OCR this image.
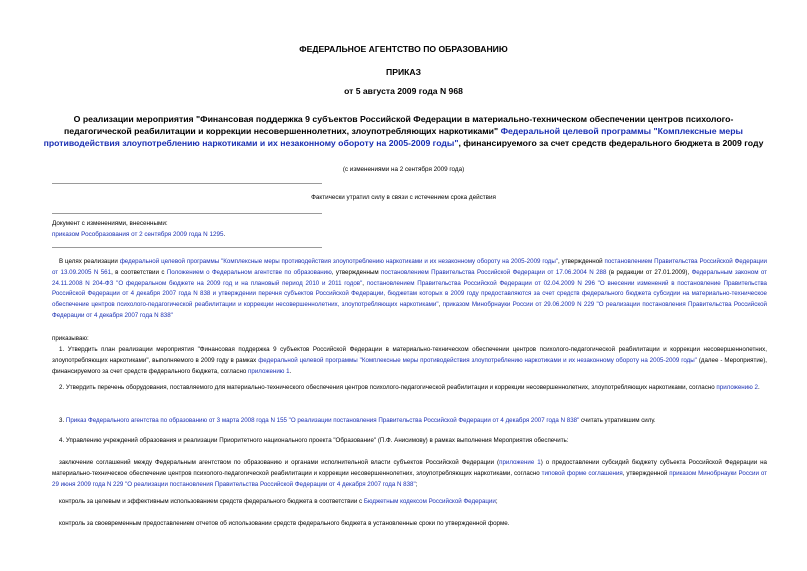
ФЕДЕРАЛЬНОЕ АГЕНТСТВО ПО ОБРАЗОВАНИЮ
ПРИКАЗ
от 5 августа 2009 года N 968
О реализации мероприятия "Финансовая поддержка 9 субъектов Российской Федерации в материально-техническом обеспечении центров психолого-педагогической реабилитации и коррекции несовершеннолетних, злоупотребляющих наркотиками" Федеральной целевой программы "Комплексные меры противодействия злоупотреблению наркотиками и их незаконному обороту на 2005-2009 годы", финансируемого за счет средств федерального бюджета в 2009 году
(с изменениями на 2 сентября 2009 года)
Фактически утратил силу в связи с истечением срока действия
Документ с изменениями, внесенными:
приказом Рособразования от 2 сентября 2009 года N 1295.
В целях реализации федеральной целевой программы "Комплексные меры противодействия злоупотреблению наркотиками и их незаконному обороту на 2005-2009 годы", утвержденной постановлением Правительства Российской Федерации от 13.09.2005 N 561, в соответствии с Положением о Федеральном агентстве по образованию, утвержденным постановлением Правительства Российской Федерации от 17.06.2004 N 288 (в редакции от 27.01.2009), Федеральным законом от 24.11.2008 N 204-ФЗ "О федеральном бюджете на 2009 год и на плановый период 2010 и 2011 годов", постановлением Правительства Российской Федерации от 02.04.2009 N 296 "О внесении изменений в постановление Правительства Российской Федерации от 4 декабря 2007 года N 838 и утверждении перечня субъектов Российской Федерации, бюджетам которых в 2009 году предоставляются за счет средств федерального бюджета субсидии на материально-техническое обеспечение центров психолого-педагогической реабилитации и коррекции несовершеннолетних, злоупотребляющих наркотиками", приказом Минобрнауки России от 29.06.2009 N 229 "О реализации постановления Правительства Российской Федерации от 4 декабря 2007 года N 838"
приказываю:
1. Утвердить план реализации мероприятия "Финансовая поддержка 9 субъектов Российской Федерации в материально-техническом обеспечении центров психолого-педагогической реабилитации и коррекции несовершеннолетних, злоупотребляющих наркотиками", выполняемого в 2009 году в рамках федеральной целевой программы "Комплексные меры противодействия злоупотреблению наркотиками и их незаконному обороту на 2005-2009 годы" (далее - Мероприятие), финансируемого за счет средств федерального бюджета, согласно приложению 1.
2. Утвердить перечень оборудования, поставляемого для материально-технического обеспечения центров психолого-педагогической реабилитации и коррекции несовершеннолетних, злоупотребляющих наркотиками, согласно приложению 2.
3. Приказ Федерального агентства по образованию от 3 марта 2008 года N 155 "О реализации постановления Правительства Российской Федерации от 4 декабря 2007 года N 838" считать утратившим силу.
4. Управлению учреждений образования и реализации Приоритетного национального проекта "Образование" (П.Ф. Анисимову) в рамках выполнения Мероприятия обеспечить:
заключение соглашений между Федеральным агентством по образованию и органами исполнительной власти субъектов Российской Федерации (приложение 1) о предоставлении субсидий бюджету субъекта Российской Федерации на материально-техническое обеспечение центров психолого-педагогической реабилитации и коррекции несовершеннолетних, злоупотребляющих наркотиками, согласно типовой форме соглашения, утвержденной приказом Минобрнауки России от 29 июня 2009 года N 229 "О реализации постановления Правительства Российской Федерации от 4 декабря 2007 года N 838";
контроль за целевым и эффективным использованием средств федерального бюджета в соответствии с Бюджетным кодексом Российской Федерации;
контроль за своевременным предоставлением отчетов об использовании средств федерального бюджета в установленные сроки по утвержденной форме.
